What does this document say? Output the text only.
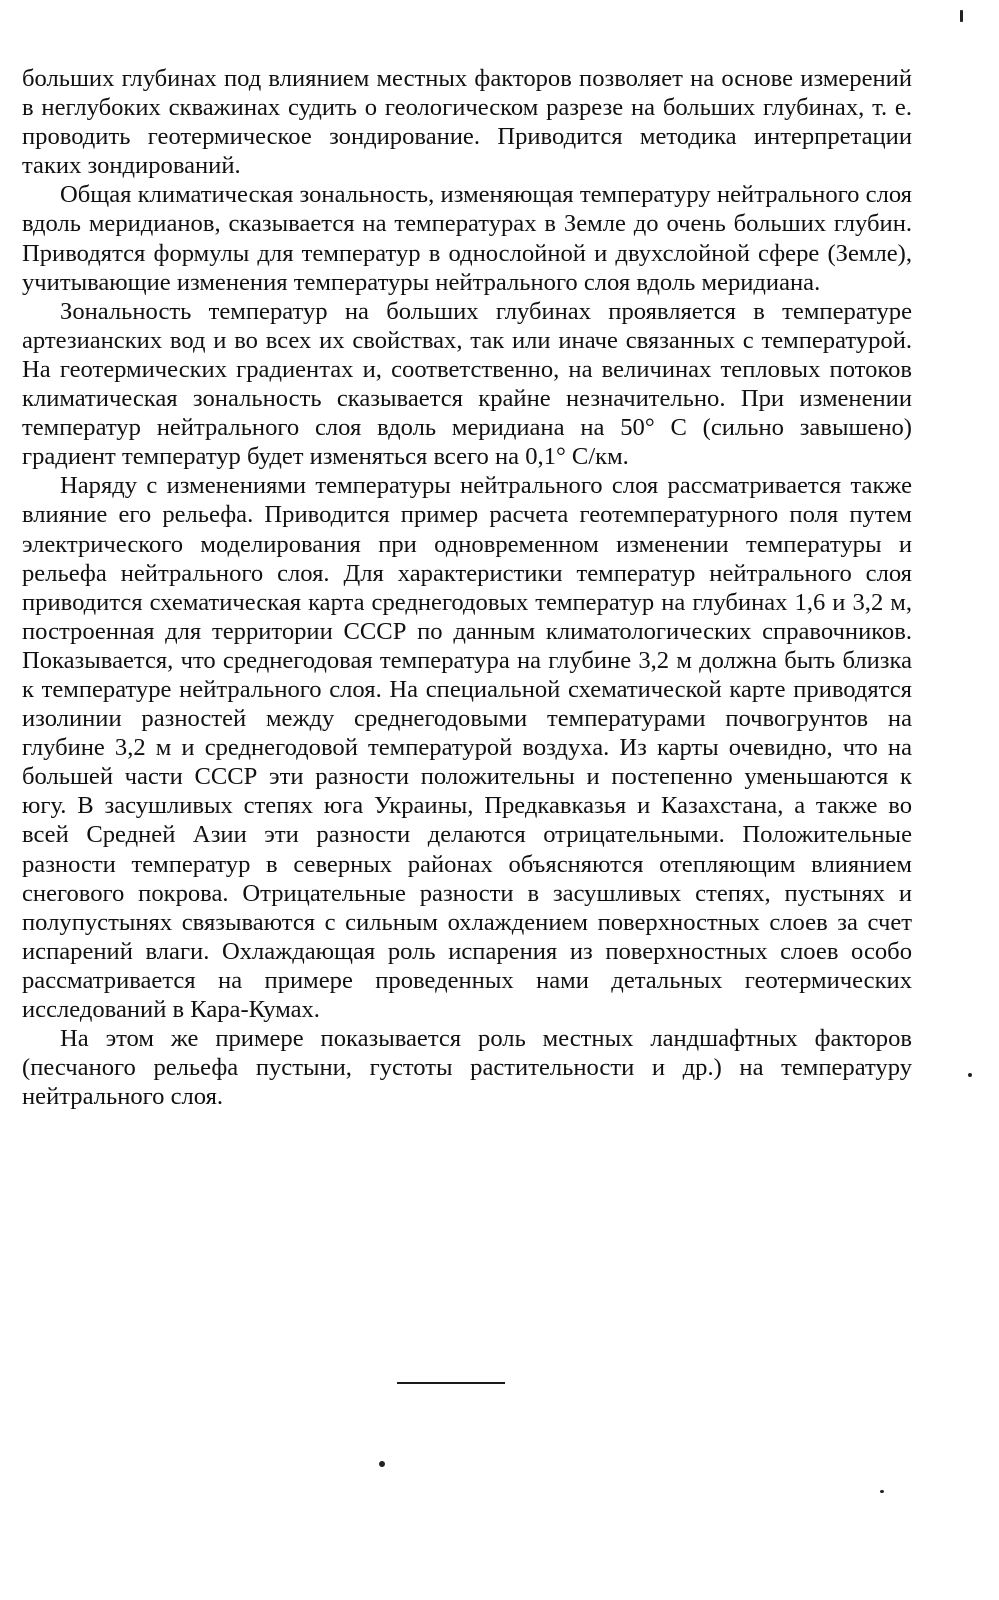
больших глубинах под влиянием местных факторов позволяет на основе измерений в неглубоких скважинах судить о геологическом разрезе на больших глубинах, т. е. проводить геотермическое зондирование. Приводится методика интерпретации таких зондирований.

Общая климатическая зональность, изменяющая температуру нейтрального слоя вдоль меридианов, сказывается на температурах в Земле до очень больших глубин. Приводятся формулы для температур в однослойной и двухслойной сфере (Земле), учитывающие изменения температуры нейтрального слоя вдоль меридиана.

Зональность температур на больших глубинах проявляется в температуре артезианских вод и во всех их свойствах, так или иначе связанных с температурой. На геотермических градиентах и, соответственно, на величинах тепловых потоков климатическая зональность сказывается крайне незначительно. При изменении температур нейтрального слоя вдоль меридиана на 50° С (сильно завышено) градиент температур будет изменяться всего на 0,1° С/км.

Наряду с изменениями температуры нейтрального слоя рассматривается также влияние его рельефа. Приводится пример расчета геотемпературного поля путем электрического моделирования при одновременном изменении температуры и рельефа нейтрального слоя. Для характеристики температур нейтрального слоя приводится схематическая карта среднегодовых температур на глубинах 1,6 и 3,2 м, построенная для территории СССР по данным климатологических справочников. Показывается, что среднегодовая температура на глубине 3,2 м должна быть близка к температуре нейтрального слоя. На специальной схематической карте приводятся изолинии разностей между среднегодовыми температурами почвогрунтов на глубине 3,2 м и среднегодовой температурой воздуха. Из карты очевидно, что на большей части СССР эти разности положительны и постепенно уменьшаются к югу. В засушливых степях юга Украины, Предкавказья и Казахстана, а также во всей Средней Азии эти разности делаются отрицательными. Положительные разности температур в северных районах объясняются отепляющим влиянием снегового покрова. Отрицательные разности в засушливых степях, пустынях и полупустынях связываются с сильным охлаждением поверхностных слоев за счет испарений влаги. Охлаждающая роль испарения из поверхностных слоев особо рассматривается на примере проведенных нами детальных геотермических исследований в Кара-Кумах.

На этом же примере показывается роль местных ландшафтных факторов (песчаного рельефа пустыни, густоты растительности и др.) на температуру нейтрального слоя.
